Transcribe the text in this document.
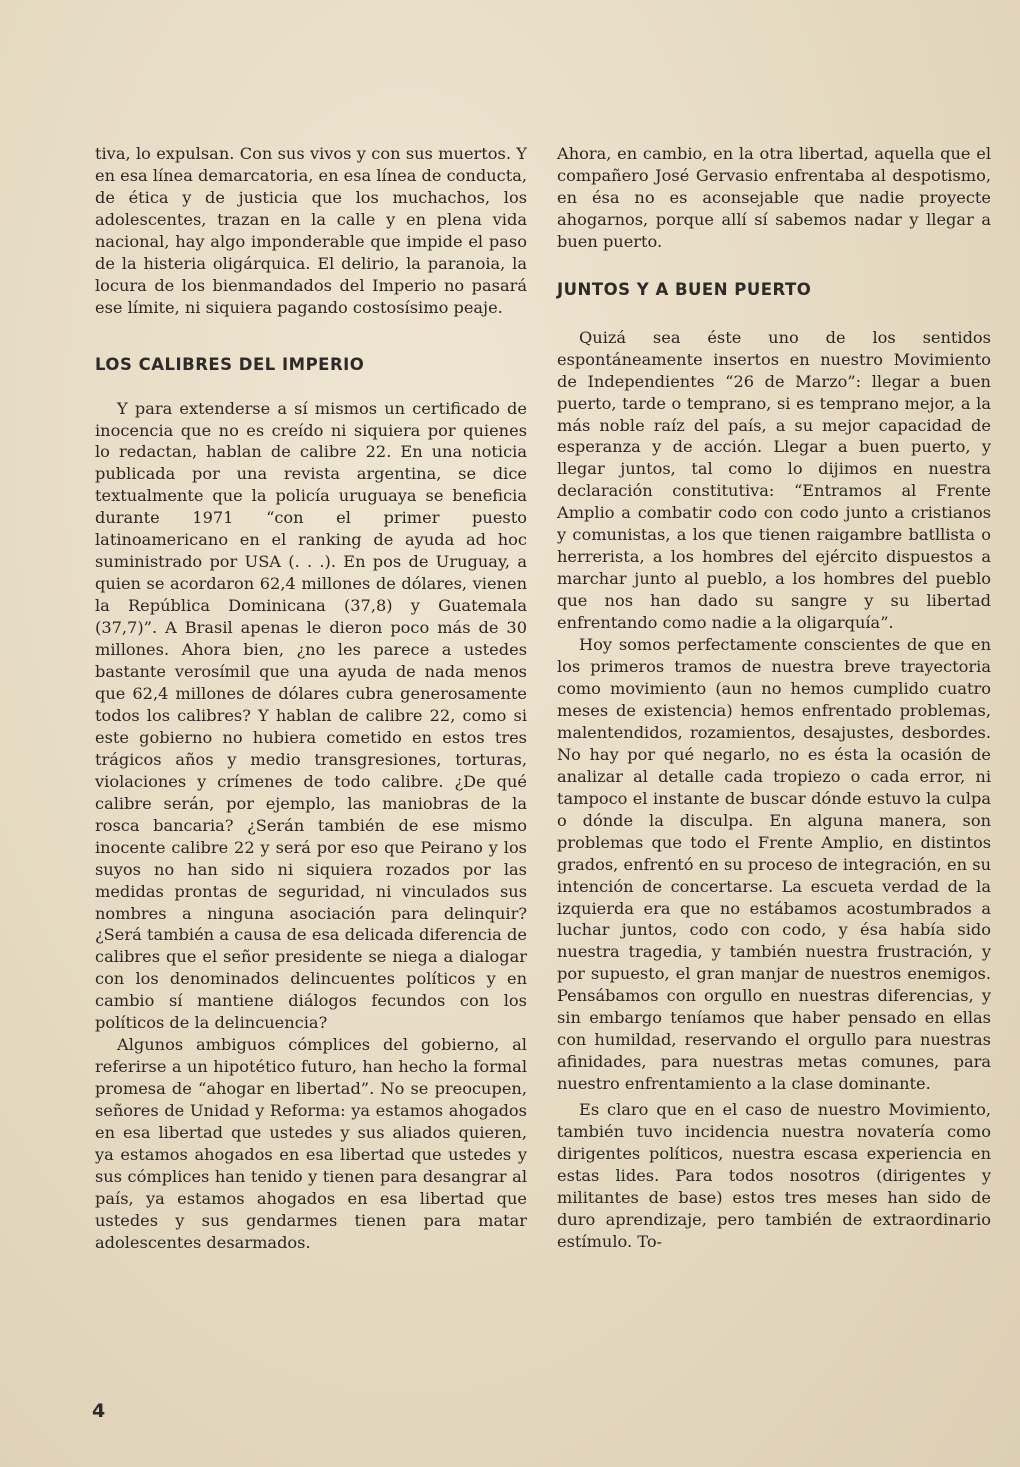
tiva, lo expulsan. Con sus vivos y con sus muertos. Y en esa línea demarcatoria, en esa línea de conducta, de ética y de justicia que los muchachos, los adolescentes, trazan en la calle y en plena vida nacional, hay algo imponderable que impide el paso de la histeria oligárquica. El delirio, la paranoia, la locura de los bienmandados del Imperio no pasará ese límite, ni siquiera pagando costosísimo peaje.

LOS CALIBRES DEL IMPERIO

Y para extenderse a sí mismos un certificado de inocencia que no es creído ni siquiera por quienes lo redactan, hablan de calibre 22. En una noticia publicada por una revista argentina, se dice textualmente que la policía uruguaya se beneficia durante 1971 “con el primer puesto latinoamericano en el ranking de ayuda ad hoc suministrado por USA (. . .). En pos de Uruguay, a quien se acordaron 62,4 millones de dólares, vienen la República Dominicana (37,8) y Guatemala (37,7)”. A Brasil apenas le dieron poco más de 30 millones. Ahora bien, ¿no les parece a ustedes bastante verosímil que una ayuda de nada menos que 62,4 millones de dólares cubra generosamente todos los calibres? Y hablan de calibre 22, como si este gobierno no hubiera cometido en estos tres trágicos años y medio transgresiones, torturas, violaciones y crímenes de todo calibre. ¿De qué calibre serán, por ejemplo, las maniobras de la rosca bancaria? ¿Serán también de ese mismo inocente calibre 22 y será por eso que Peirano y los suyos no han sido ni siquiera rozados por las medidas prontas de seguridad, ni vinculados sus nombres a ninguna asociación para delinquir? ¿Será también a causa de esa delicada diferencia de calibres que el señor presidente se niega a dialogar con los denominados delincuentes políticos y en cambio sí mantiene diálogos fecundos con los políticos de la delincuencia?

Algunos ambiguos cómplices del gobierno, al referirse a un hipotético futuro, han hecho la formal promesa de “ahogar en libertad”. No se preocupen, señores de Unidad y Reforma: ya estamos ahogados en esa libertad que ustedes y sus aliados quieren, ya estamos ahogados en esa libertad que ustedes y sus cómplices han tenido y tienen para desangrar al país, ya estamos ahogados en esa libertad que ustedes y sus gendarmes tienen para matar adolescentes desarmados.

Ahora, en cambio, en la otra libertad, aquella que el compañero José Gervasio enfrentaba al despotismo, en ésa no es aconsejable que nadie proyecte ahogarnos, porque allí sí sabemos nadar y llegar a buen puerto.

JUNTOS Y A BUEN PUERTO

Quizá sea éste uno de los sentidos espontáneamente insertos en nuestro Movimiento de Independientes “26 de Marzo”: llegar a buen puerto, tarde o temprano, si es temprano mejor, a la más noble raíz del país, a su mejor capacidad de esperanza y de acción. Llegar a buen puerto, y llegar juntos, tal como lo dijimos en nuestra declaración constitutiva: “Entramos al Frente Amplio a combatir codo con codo junto a cristianos y comunistas, a los que tienen raigambre batllista o herrerista, a los hombres del ejército dispuestos a marchar junto al pueblo, a los hombres del pueblo que nos han dado su sangre y su libertad enfrentando como nadie a la oligarquía”.

Hoy somos perfectamente conscientes de que en los primeros tramos de nuestra breve trayectoria como movimiento (aun no hemos cumplido cuatro meses de existencia) hemos enfrentado problemas, malentendidos, rozamientos, desajustes, desbordes. No hay por qué negarlo, no es ésta la ocasión de analizar al detalle cada tropiezo o cada error, ni tampoco el instante de buscar dónde estuvo la culpa o dónde la disculpa. En alguna manera, son problemas que todo el Frente Amplio, en distintos grados, enfrentó en su proceso de integración, en su intención de concertarse. La escueta verdad de la izquierda era que no estábamos acostumbrados a luchar juntos, codo con codo, y ésa había sido nuestra tragedia, y también nuestra frustración, y por supuesto, el gran manjar de nuestros enemigos. Pensábamos con orgullo en nuestras diferencias, y sin embargo teníamos que haber pensado en ellas con humildad, reservando el orgullo para nuestras afinidades, para nuestras metas comunes, para nuestro enfrentamiento a la clase dominante.

Es claro que en el caso de nuestro Movimiento, también tuvo incidencia nuestra novatería como dirigentes políticos, nuestra escasa experiencia en estas lides. Para todos nosotros (dirigentes y militantes de base) estos tres meses han sido de duro aprendizaje, pero también de extraordinario estímulo. To-

4
